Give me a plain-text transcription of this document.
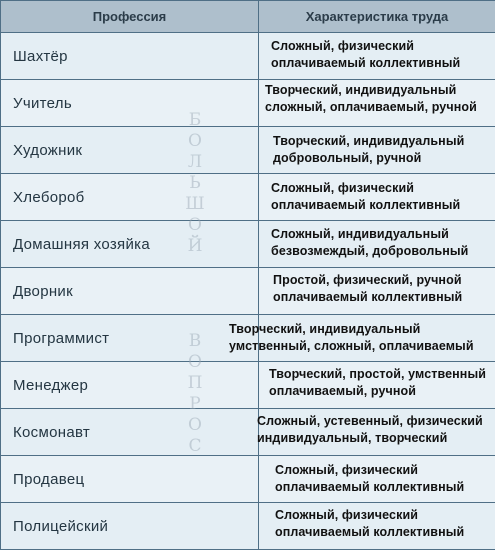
Профессия	Характеристика труда
Шахтёр	Сложный, физический
оплачиваемый коллективный

Учитель	Творческий, индивидуальный
сложный, оплачиваемый, ручной

Художник	Творческий, индивидуальный
добровольный, ручной

Хлебороб	Сложный, физический
оплачиваемый коллективный

Домашняя хозяйка	Сложный, индивидуальный
безвозмеждый, добровольный

Дворник	Простой, физический, ручной
оплачиваемый коллективный

Программист	Творческий, индивидуальный
умственный, сложный, оплачиваемый

Менеджер	Творческий, простой, умственный
оплачиваемый, ручной

Космонавт	Сложный, устевенный, физический
индивидуальный, творческий

Продавец	Сложный, физический
оплачиваемый коллективный

Полицейский	Сложный, физический
оплачиваемый коллективный
Б
О
Л
Ь
Ш
О
Й
В
О
П
Р
О
С
